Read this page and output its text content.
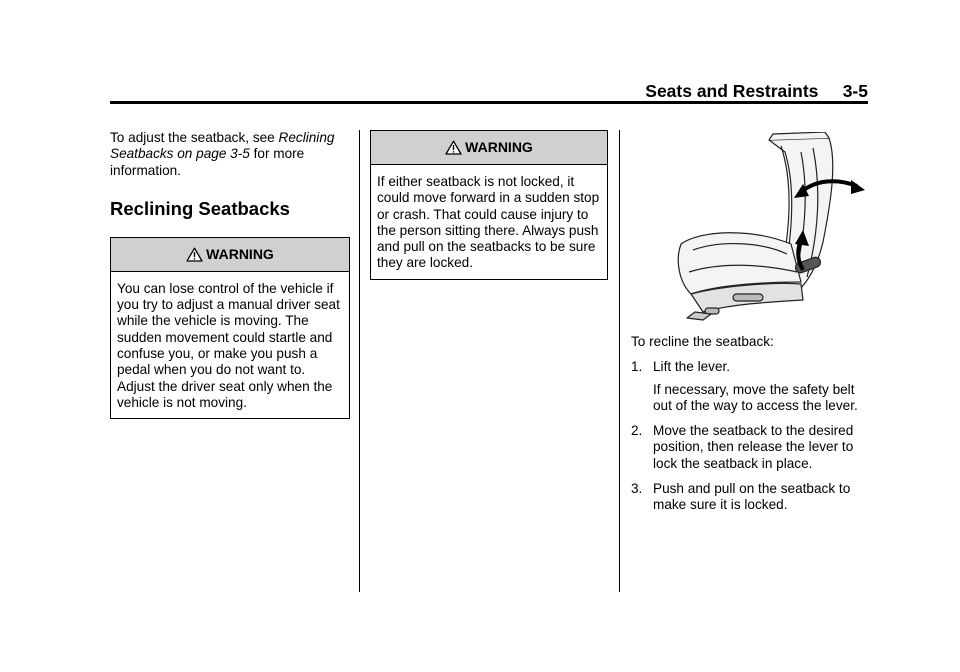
Seats and Restraints 3-5
To adjust the seatback, see Reclining Seatbacks on page 3-5 for more information.
Reclining Seatbacks
WARNING
You can lose control of the vehicle if you try to adjust a manual driver seat while the vehicle is moving. The sudden movement could startle and confuse you, or make you push a pedal when you do not want to. Adjust the driver seat only when the vehicle is not moving.
WARNING
If either seatback is not locked, it could move forward in a sudden stop or crash. That could cause injury to the person sitting there. Always push and pull on the seatbacks to be sure they are locked.
To recline the seatback:
1. Lift the lever.
If necessary, move the safety belt out of the way to access the lever.
2. Move the seatback to the desired position, then release the lever to lock the seatback in place.
3. Push and pull on the seatback to make sure it is locked.
